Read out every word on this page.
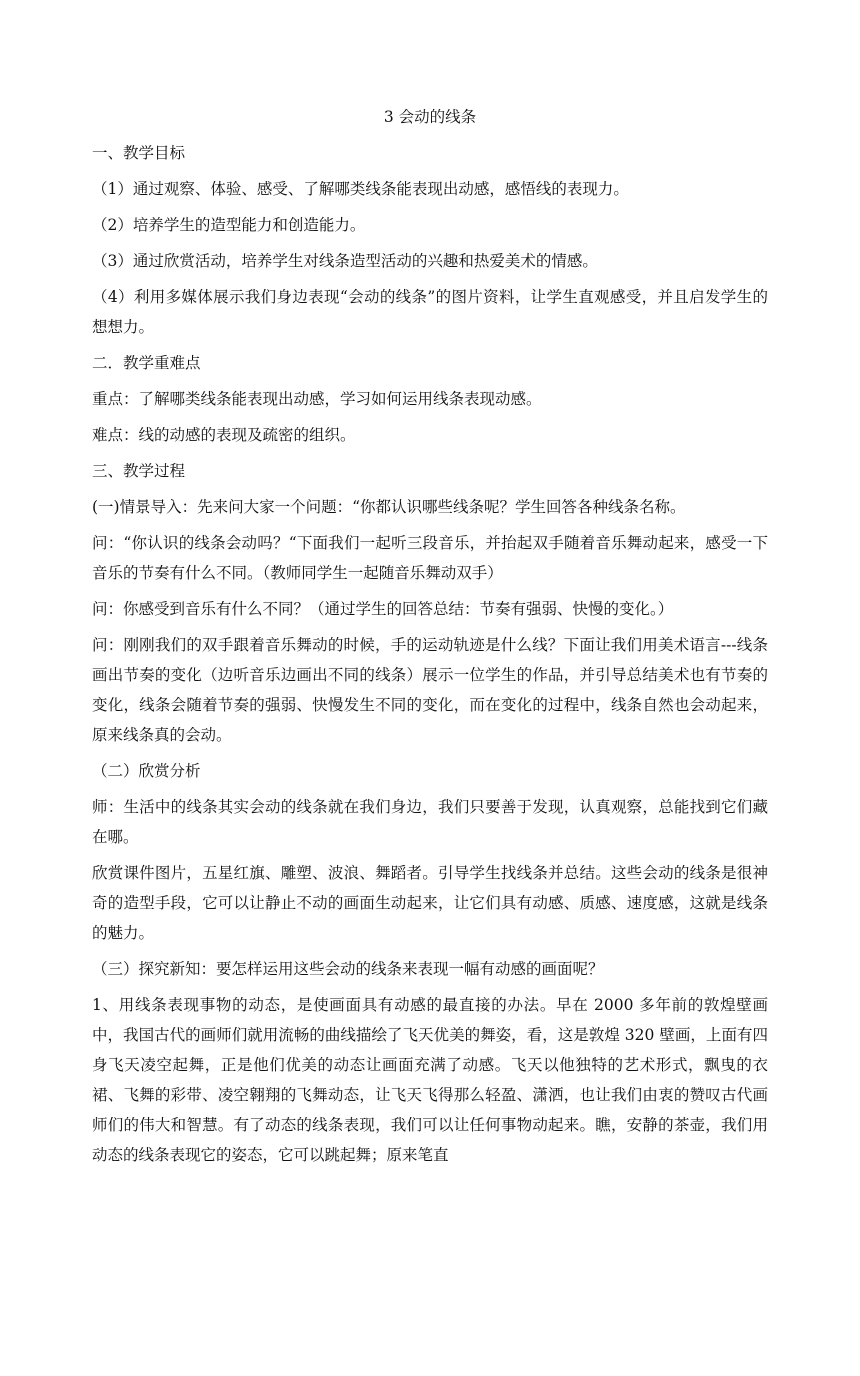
3 会动的线条
一、教学目标
（1）通过观察、体验、感受、了解哪类线条能表现出动感，感悟线的表现力。
（2）培养学生的造型能力和创造能力。
（3）通过欣赏活动，培养学生对线条造型活动的兴趣和热爱美术的情感。
（4）利用多媒体展示我们身边表现“会动的线条”的图片资料，让学生直观感受，并且启发学生的想想力。
二．教学重难点
重点：了解哪类线条能表现出动感，学习如何运用线条表现动感。
难点：线的动感的表现及疏密的组织。
三、教学过程
(一)情景导入：先来问大家一个问题：“你都认识哪些线条呢？学生回答各种线条名称。
问：“你认识的线条会动吗？“下面我们一起听三段音乐，并抬起双手随着音乐舞动起来，感受一下音乐的节奏有什么不同。（教师同学生一起随音乐舞动双手）
问：你感受到音乐有什么不同？（通过学生的回答总结：节奏有强弱、快慢的变化。）
问：刚刚我们的双手跟着音乐舞动的时候，手的运动轨迹是什么线？下面让我们用美术语言---线条画出节奏的变化（边听音乐边画出不同的线条）展示一位学生的作品，并引导总结美术也有节奏的变化，线条会随着节奏的强弱、快慢发生不同的变化，而在变化的过程中，线条自然也会动起来，原来线条真的会动。
（二）欣赏分析
师：生活中的线条其实会动的线条就在我们身边，我们只要善于发现，认真观察，总能找到它们藏在哪。
欣赏课件图片，五星红旗、雕塑、波浪、舞蹈者。引导学生找线条并总结。这些会动的线条是很神奇的造型手段，它可以让静止不动的画面生动起来，让它们具有动感、质感、速度感，这就是线条的魅力。
（三）探究新知：要怎样运用这些会动的线条来表现一幅有动感的画面呢？
1、用线条表现事物的动态，是使画面具有动感的最直接的办法。早在 2000 多年前的敦煌壁画中，我国古代的画师们就用流畅的曲线描绘了飞天优美的舞姿，看，这是敦煌 320 壁画，上面有四身飞天凌空起舞，正是他们优美的动态让画面充满了动感。飞天以他独特的艺术形式，飘曳的衣裙、飞舞的彩带、凌空翱翔的飞舞动态，让飞天飞得那么轻盈、潇洒，也让我们由衷的赞叹古代画师们的伟大和智慧。有了动态的线条表现，我们可以让任何事物动起来。瞧，安静的茶壶，我们用动态的线条表现它的姿态，它可以跳起舞；原来笔直
